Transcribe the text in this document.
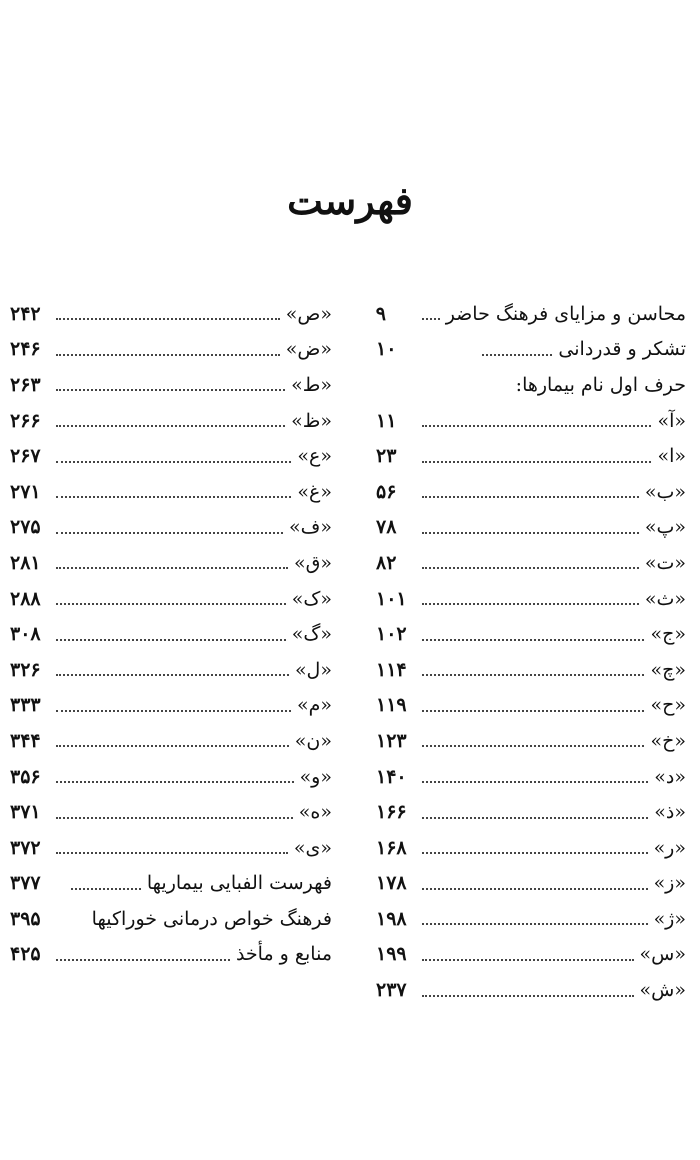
فهرست
محاسن و مزایای فرهنگ حاضر
۹
تشکر و قدردانی
۱۰
حرف اول نام بیمارها:
«آ»
۱۱
«ا»
۲۳
«ب»
۵۶
«پ»
۷۸
«ت»
۸۲
«ث»
۱۰۱
«ج»
۱۰۲
«چ»
۱۱۴
«ح»
۱۱۹
«خ»
۱۲۳
«د»
۱۴۰
«ذ»
۱۶۶
«ر»
۱۶۸
«ز»
۱۷۸
«ژ»
۱۹۸
«س»
۱۹۹
«ش»
۲۳۷
«ص»
۲۴۲
«ض»
۲۴۶
«ط»
۲۶۳
«ظ»
۲۶۶
«ع»
۲۶۷
«غ»
۲۷۱
«ف»
۲۷۵
«ق»
۲۸۱
«ک»
۲۸۸
«گ»
۳۰۸
«ل»
۳۲۶
«م»
۳۳۳
«ن»
۳۴۴
«و»
۳۵۶
«ه»
۳۷۱
«ی»
۳۷۲
فهرست الفبایی بیماریها
۳۷۷
فرهنگ خواص درمانی خوراکیها
۳۹۵
منابع و مأخذ
۴۲۵
